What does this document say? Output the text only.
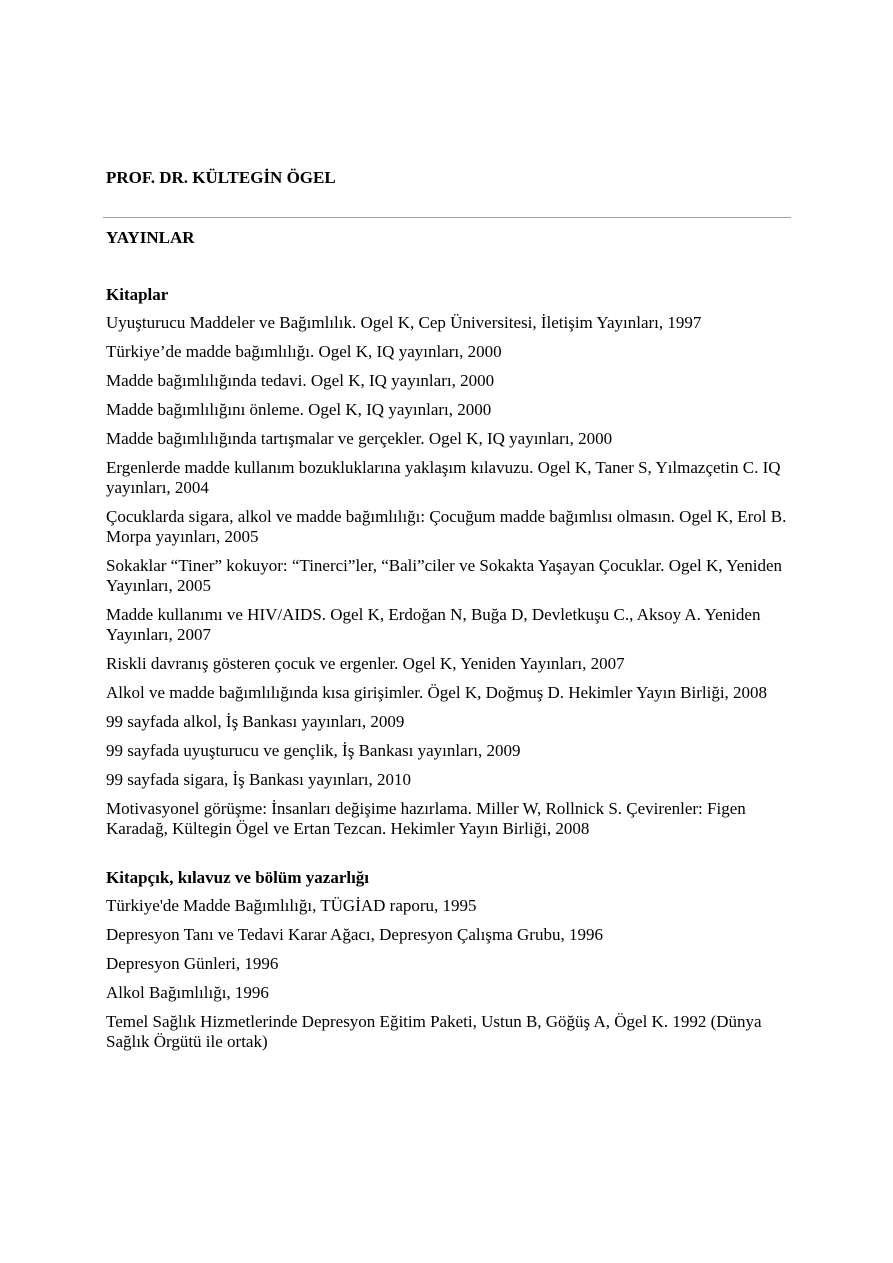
PROF. DR. KÜLTEGİN ÖGEL
YAYINLAR
Kitaplar
Uyuşturucu Maddeler ve Bağımlılık. Ogel K, Cep Üniversitesi, İletişim Yayınları, 1997
Türkiye’de madde bağımlılığı. Ogel K, IQ yayınları, 2000
Madde bağımlılığında tedavi. Ogel K, IQ yayınları, 2000
Madde bağımlılığını önleme. Ogel K, IQ yayınları, 2000
Madde bağımlılığında tartışmalar ve gerçekler. Ogel K, IQ yayınları, 2000
Ergenlerde madde kullanım bozukluklarına yaklaşım kılavuzu. Ogel K, Taner S, Yılmazçetin C. IQ yayınları, 2004
Çocuklarda sigara, alkol ve madde bağımlılığı: Çocuğum madde bağımlısı olmasın. Ogel K, Erol B. Morpa yayınları, 2005
Sokaklar “Tiner” kokuyor: “Tinerci”ler, “Bali”ciler ve Sokakta Yaşayan Çocuklar. Ogel K, Yeniden Yayınları, 2005
Madde kullanımı ve HIV/AIDS. Ogel K, Erdoğan N, Buğa D, Devletkuşu C., Aksoy A. Yeniden Yayınları, 2007
Riskli davranış gösteren çocuk ve ergenler. Ogel K, Yeniden Yayınları, 2007
Alkol ve madde bağımlılığında kısa girişimler. Ögel K, Doğmuş D. Hekimler Yayın Birliği, 2008
99 sayfada alkol, İş Bankası yayınları, 2009
99 sayfada uyuşturucu ve gençlik, İş Bankası yayınları, 2009
99 sayfada sigara, İş Bankası yayınları, 2010
Motivasyonel görüşme: İnsanları değişime hazırlama. Miller W, Rollnick S. Çevirenler: Figen Karadağ, Kültegin Ögel ve Ertan Tezcan. Hekimler Yayın Birliği, 2008
Kitapçık, kılavuz ve bölüm yazarlığı
Türkiye'de Madde Bağımlılığı, TÜGİAD raporu, 1995
Depresyon Tanı ve Tedavi Karar Ağacı, Depresyon Çalışma Grubu, 1996
Depresyon Günleri, 1996
Alkol Bağımlılığı, 1996
Temel Sağlık Hizmetlerinde Depresyon Eğitim Paketi, Ustun B, Göğüş A, Ögel K. 1992 (Dünya Sağlık Örgütü ile ortak)
